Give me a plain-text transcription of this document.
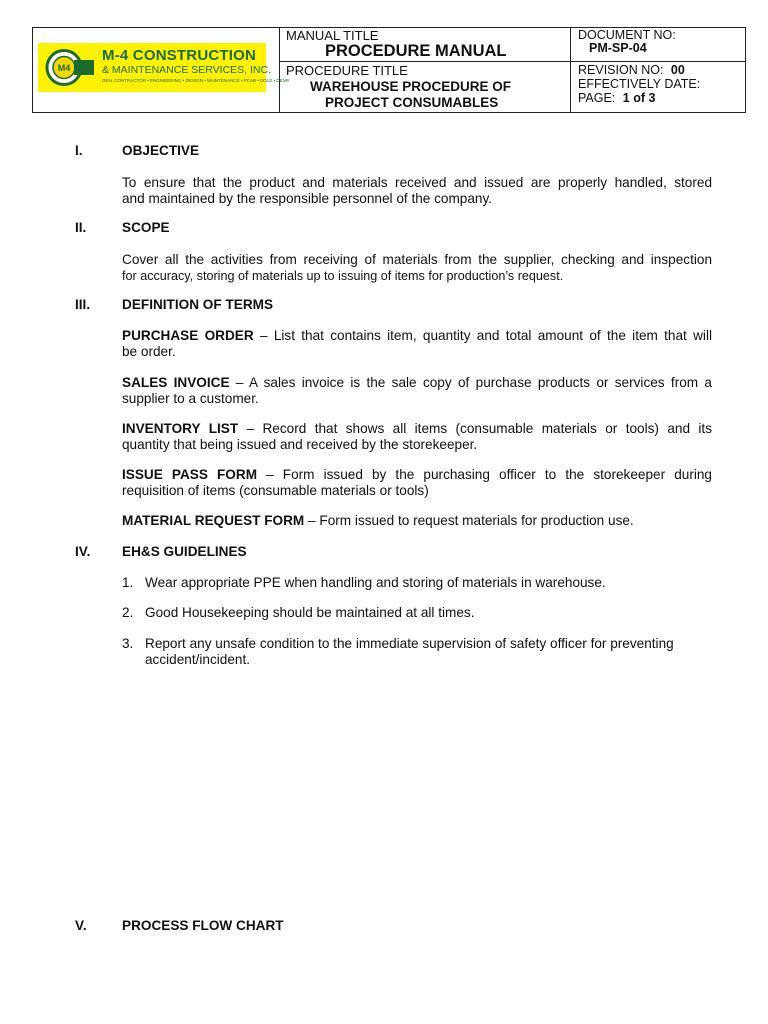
M4
M-4 CONSTRUCTION
& MAINTENANCE SERVICES, INC.
GEN. CONTRACTOR • ENGINEERING • DESIGN • MAINTENANCE • PCAB • DOLE • DENR
MANUAL TITLE
PROCEDURE MANUAL
PROCEDURE TITLE
WAREHOUSE PROCEDURE OF
PROJECT CONSUMABLES
DOCUMENT NO:
PM-SP-04
REVISION NO: 00
EFFECTIVELY DATE:
PAGE: 1 of 3
I.	OBJECTIVE
To ensure that the product and materials received and issued are properly handled, stored
and maintained by the responsible personnel of the company.
II.	SCOPE
Cover all the activities from receiving of materials from the supplier, checking and inspection
for accuracy, storing of materials up to issuing of items for production’s request.
III. DEFINITION OF TERMS
PURCHASE ORDER – List that contains item, quantity and total amount of the item that will
be order.
SALES INVOICE – A sales invoice is the sale copy of purchase products or services from a
supplier to a customer.
INVENTORY LIST – Record that shows all items (consumable materials or tools) and its
quantity that being issued and received by the storekeeper.
ISSUE PASS FORM – Form issued by the purchasing officer to the storekeeper during
requisition of items (consumable materials or tools)
MATERIAL REQUEST FORM – Form issued to request materials for production use.
IV. EH&S GUIDELINES
1. Wear appropriate PPE when handling and storing of materials in warehouse.
2. Good Housekeeping should be maintained at all times.
3. Report any unsafe condition to the immediate supervision of safety officer for preventing
accident/incident.
V.	PROCESS FLOW CHART
